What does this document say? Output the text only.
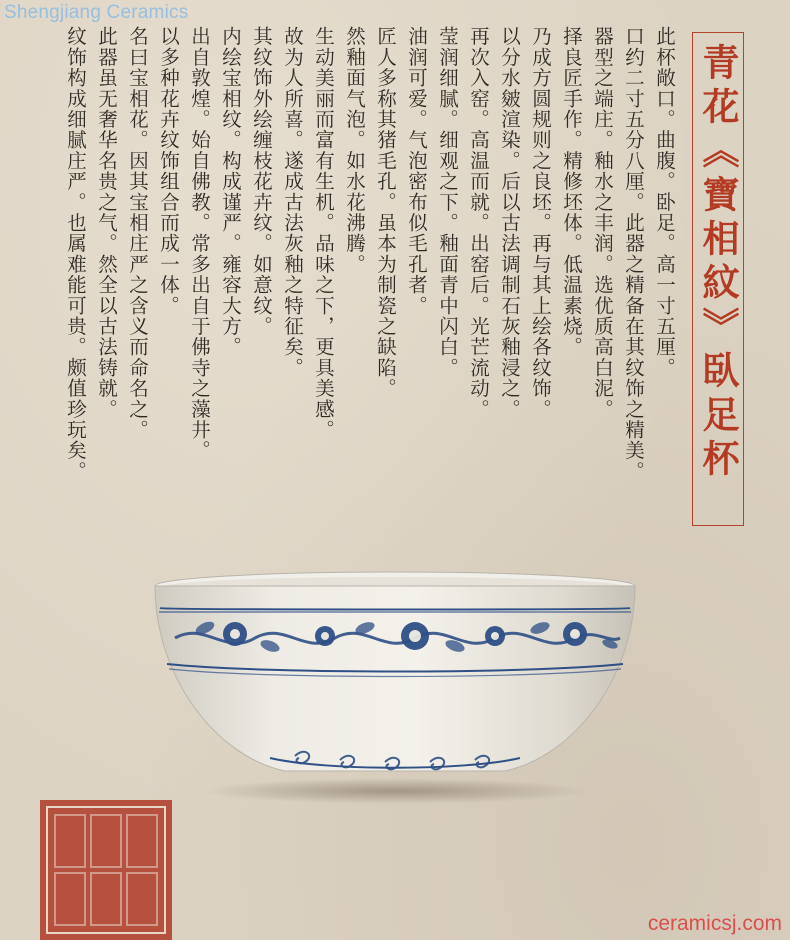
Shengjiang Ceramics
此杯敞口。曲腹。卧足。高一寸五厘。
口约二寸五分八厘。此器之精备在其纹饰之精美。
器型之端庄。釉水之丰润。选优质高白泥。
择良匠手作。精修坯体。低温素烧。
乃成方圆规则之良坯。再与其上绘各纹饰。
以分水皴渲染。后以古法调制石灰釉浸之。
再次入窑。高温而就。出窑后。光芒流动。
莹润细腻。细观之下。釉面青中闪白。
油润可爱。气泡密布似毛孔者。
匠人多称其猪毛孔。虽本为制瓷之缺陷。
然釉面气泡。如水花沸腾。
生动美丽而富有生机。品味之下，更具美感。
故为人所喜。遂成古法灰釉之特征矣。
其纹饰外绘缠枝花卉纹。如意纹。
内绘宝相纹。构成谨严。雍容大方。
出自敦煌。始自佛教。常多出自于佛寺之藻井。
以多种花卉纹饰组合而成一体。
名曰宝相花。因其宝相庄严之含义而命名之。
此器虽无奢华名贵之气。然全以古法铸就。
纹饰构成细腻庄严。也属难能可贵。颇值珍玩矣。	青花《寶相紋》臥足杯
ceramicsj.com
